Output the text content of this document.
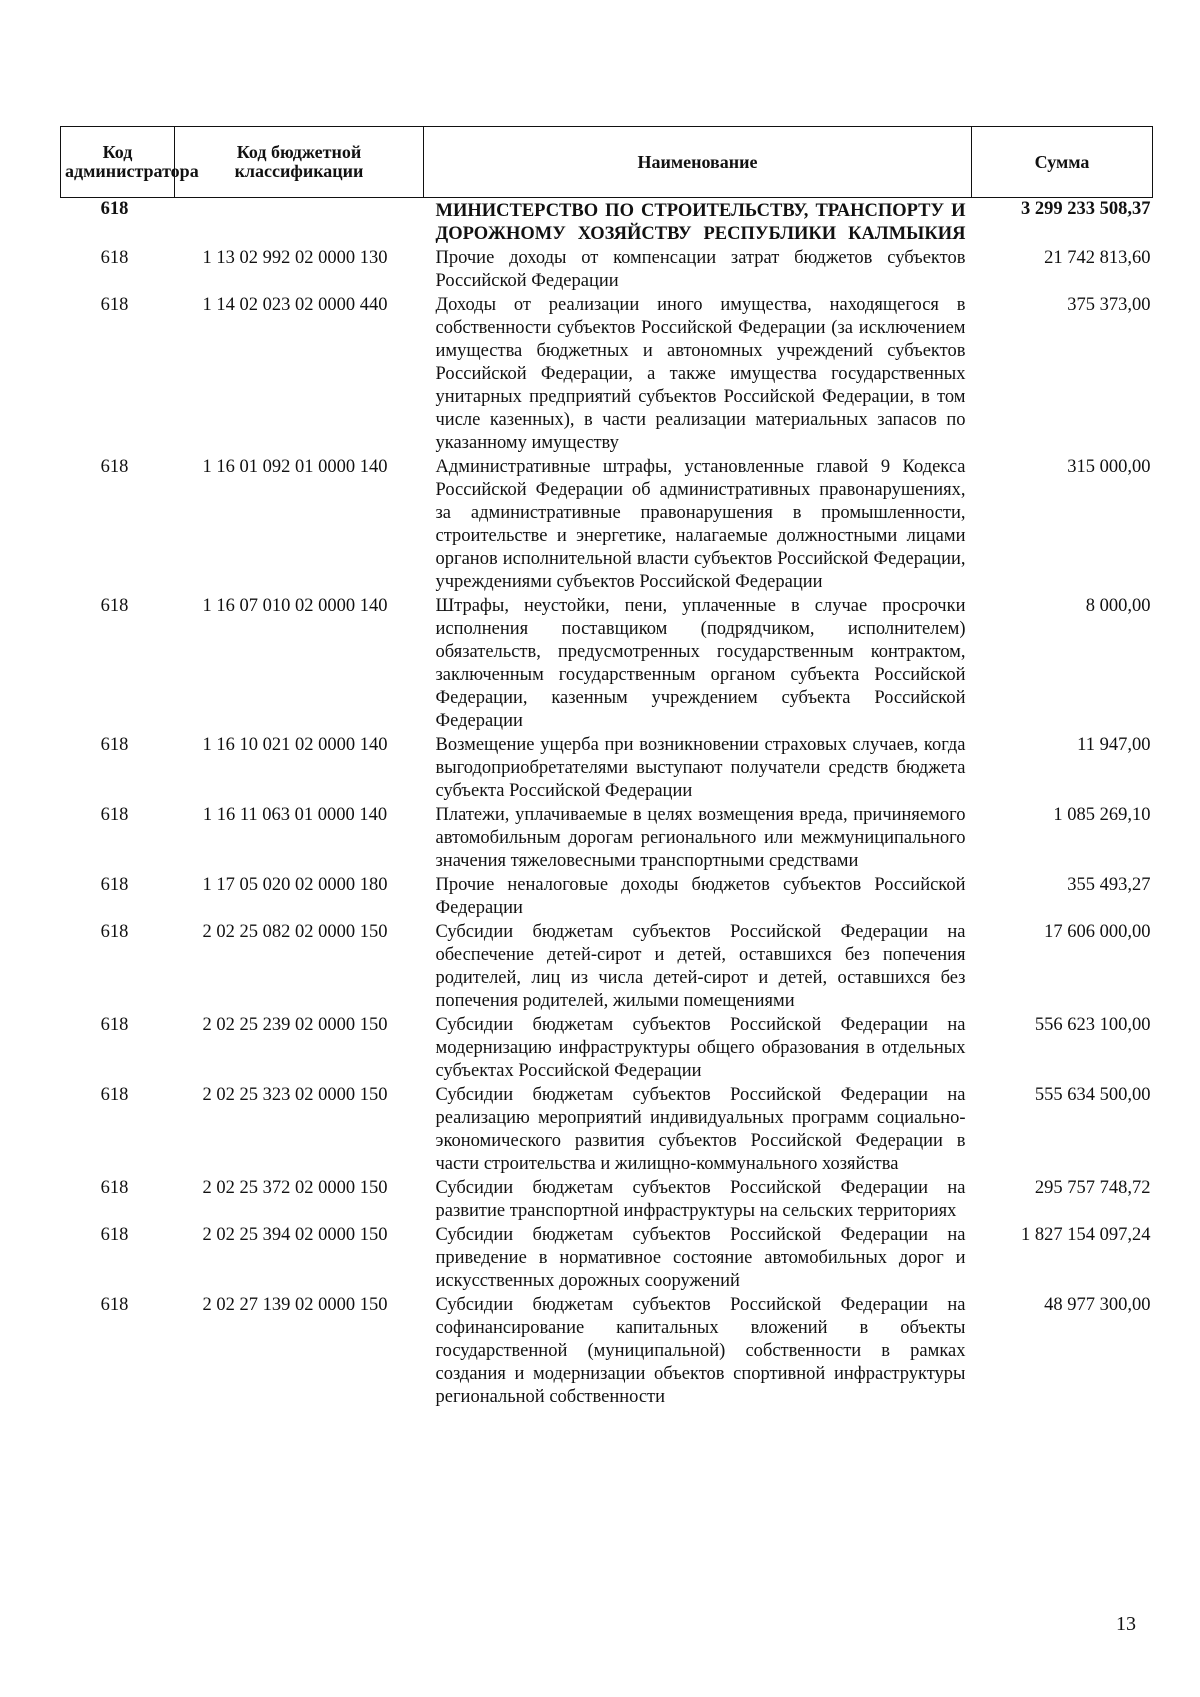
Код администратора	Код бюджетной классификации	Наименование	Сумма
618		МИНИСТЕРСТВО ПО СТРОИТЕЛЬСТВУ, ТРАНСПОРТУ И ДОРОЖНОМУ ХОЗЯЙСТВУ РЕСПУБЛИКИ КАЛМЫКИЯ	3 299 233 508,37
618	1 13 02 992 02 0000 130	Прочие доходы от компенсации затрат бюджетов субъектов Российской Федерации	21 742 813,60
618	1 14 02 023 02 0000 440	Доходы от реализации иного имущества, находящегося в собственности субъектов Российской Федерации (за исключением имущества бюджетных и автономных учреждений субъектов Российской Федерации, а также имущества государственных унитарных предприятий субъектов Российской Федерации, в том числе казенных), в части реализации материальных запасов по указанному имуществу	375 373,00
618	1 16 01 092 01 0000 140	Административные штрафы, установленные главой 9 Кодекса Российской Федерации об административных правонарушениях, за административные правонарушения в промышленности, строительстве и энергетике, налагаемые должностными лицами органов исполнительной власти субъектов Российской Федерации, учреждениями субъектов Российской Федерации	315 000,00
618	1 16 07 010 02 0000 140	Штрафы, неустойки, пени, уплаченные в случае просрочки исполнения поставщиком (подрядчиком, исполнителем) обязательств, предусмотренных государственным контрактом, заключенным государственным органом субъекта Российской Федерации, казенным учреждением субъекта Российской Федерации	8 000,00
618	1 16 10 021 02 0000 140	Возмещение ущерба при возникновении страховых случаев, когда выгодоприобретателями выступают получатели средств бюджета субъекта Российской Федерации	11 947,00
618	1 16 11 063 01 0000 140	Платежи, уплачиваемые в целях возмещения вреда, причиняемого автомобильным дорогам регионального или межмуниципального значения тяжеловесными транспортными средствами	1 085 269,10
618	1 17 05 020 02 0000 180	Прочие неналоговые доходы бюджетов субъектов Российской Федерации	355 493,27
618	2 02 25 082 02 0000 150	Субсидии бюджетам субъектов Российской Федерации на обеспечение детей-сирот и детей, оставшихся без попечения родителей, лиц из числа детей-сирот и детей, оставшихся без попечения родителей, жилыми помещениями	17 606 000,00
618	2 02 25 239 02 0000 150	Субсидии бюджетам субъектов Российской Федерации на модернизацию инфраструктуры общего образования в отдельных субъектах Российской Федерации	556 623 100,00
618	2 02 25 323 02 0000 150	Субсидии бюджетам субъектов Российской Федерации на реализацию мероприятий индивидуальных программ социально-экономического развития субъектов Российской Федерации в части строительства и жилищно-коммунального хозяйства	555 634 500,00
618	2 02 25 372 02 0000 150	Субсидии бюджетам субъектов Российской Федерации на развитие транспортной инфраструктуры на сельских территориях	295 757 748,72
618	2 02 25 394 02 0000 150	Субсидии бюджетам субъектов Российской Федерации на приведение в нормативное состояние автомобильных дорог и искусственных дорожных сооружений	1 827 154 097,24
618	2 02 27 139 02 0000 150	Субсидии бюджетам субъектов Российской Федерации на софинансирование капитальных вложений в объекты государственной (муниципальной) собственности в рамках создания и модернизации объектов спортивной инфраструктуры региональной собственности	48 977 300,00
13
